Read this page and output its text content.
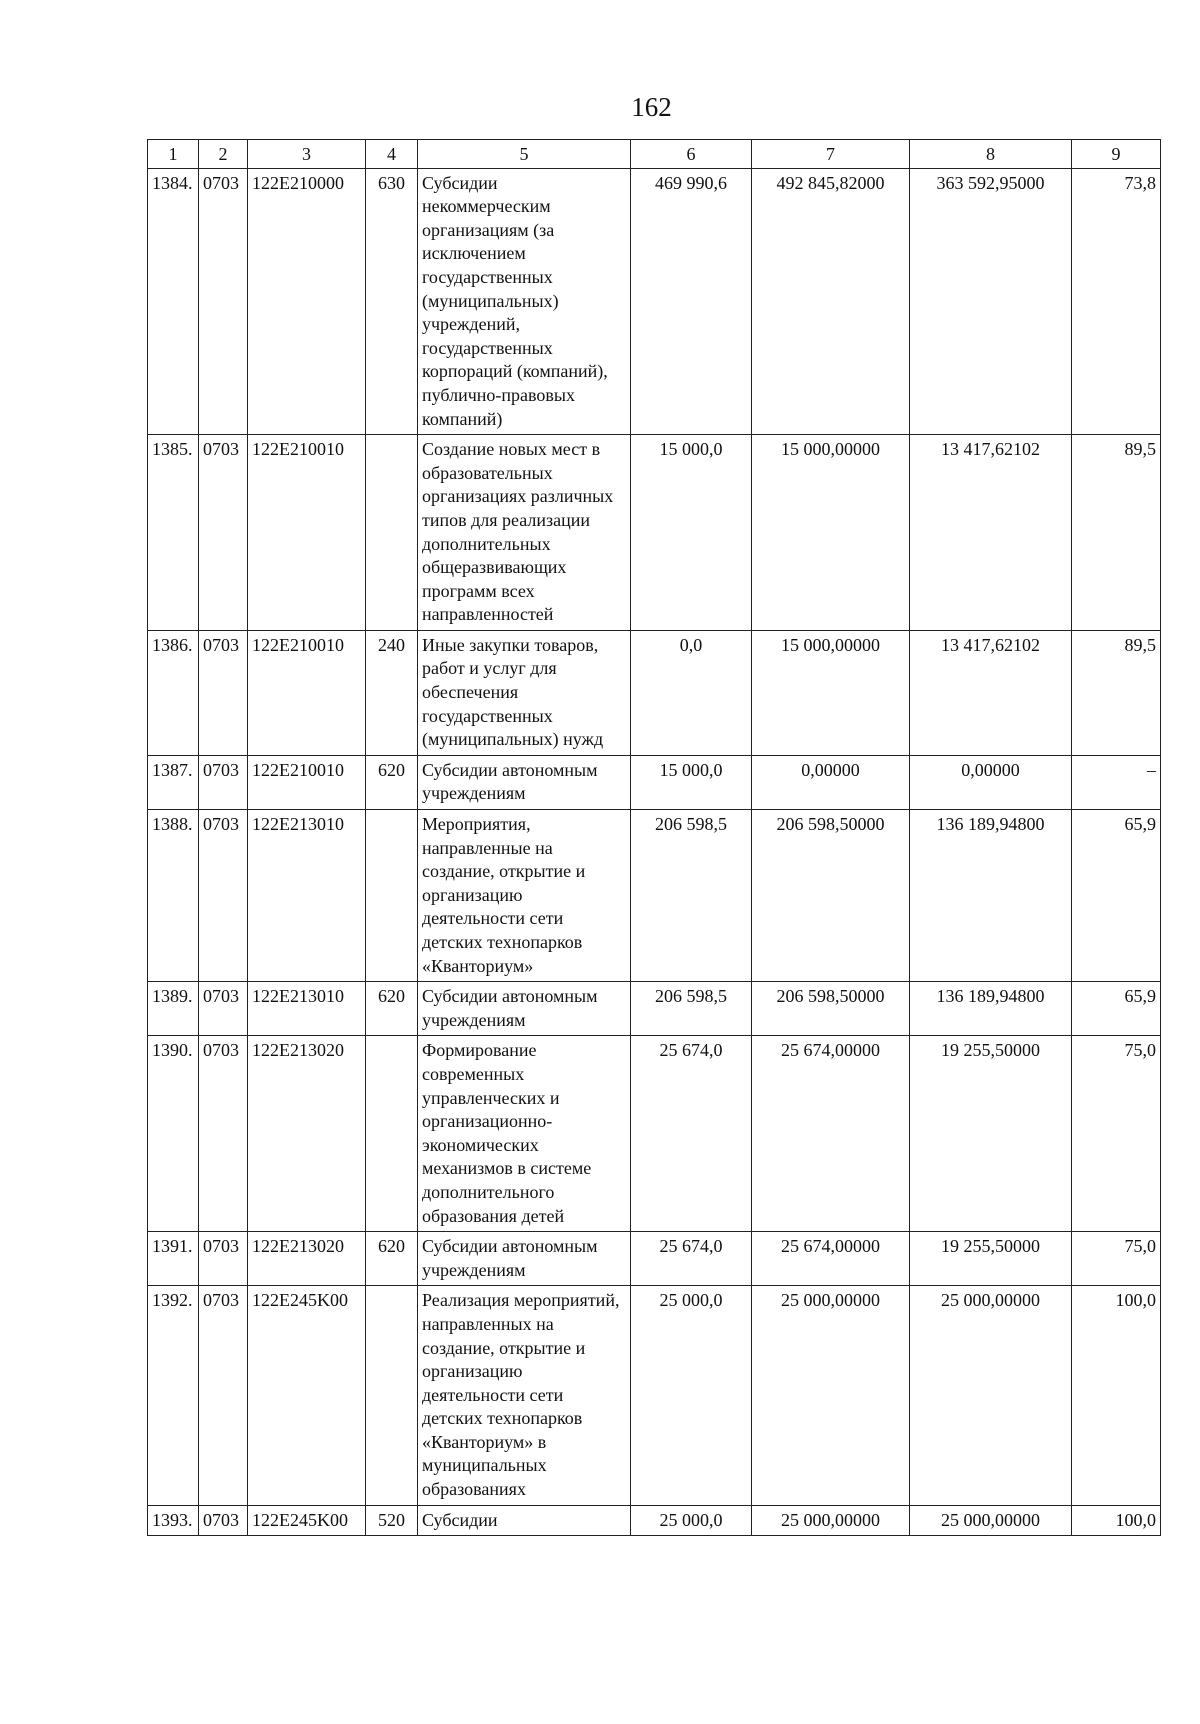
162
1	2	3	4	5	6	7	8	9
1384.	0703	122E210000	630	Субсидии некоммерческим организациям (за исключением государственных (муниципальных) учреждений, государственных корпораций (компаний), публично-правовых компаний)	469 990,6	492 845,82000	363 592,95000	73,8
1385.	0703	122E210010		Создание новых мест в образовательных организациях различных типов для реализации дополнительных общеразвивающих программ всех направленностей	15 000,0	15 000,00000	13 417,62102	89,5
1386.	0703	122E210010	240	Иные закупки товаров, работ и услуг для обеспечения государственных (муниципальных) нужд	0,0	15 000,00000	13 417,62102	89,5
1387.	0703	122E210010	620	Субсидии автономным учреждениям	15 000,0	0,00000	0,00000	–
1388.	0703	122E213010		Мероприятия, направленные на создание, открытие и организацию деятельности сети детских технопарков «Кванториум»	206 598,5	206 598,50000	136 189,94800	65,9
1389.	0703	122E213010	620	Субсидии автономным учреждениям	206 598,5	206 598,50000	136 189,94800	65,9
1390.	0703	122E213020		Формирование современных управленческих и организационно-экономических механизмов в системе дополнительного образования детей	25 674,0	25 674,00000	19 255,50000	75,0
1391.	0703	122E213020	620	Субсидии автономным учреждениям	25 674,0	25 674,00000	19 255,50000	75,0
1392.	0703	122E245K00		Реализация мероприятий, направленных на создание, открытие и организацию деятельности сети детских технопарков «Кванториум» в муниципальных образованиях	25 000,0	25 000,00000	25 000,00000	100,0
1393.	0703	122E245K00	520	Субсидии	25 000,0	25 000,00000	25 000,00000	100,0
